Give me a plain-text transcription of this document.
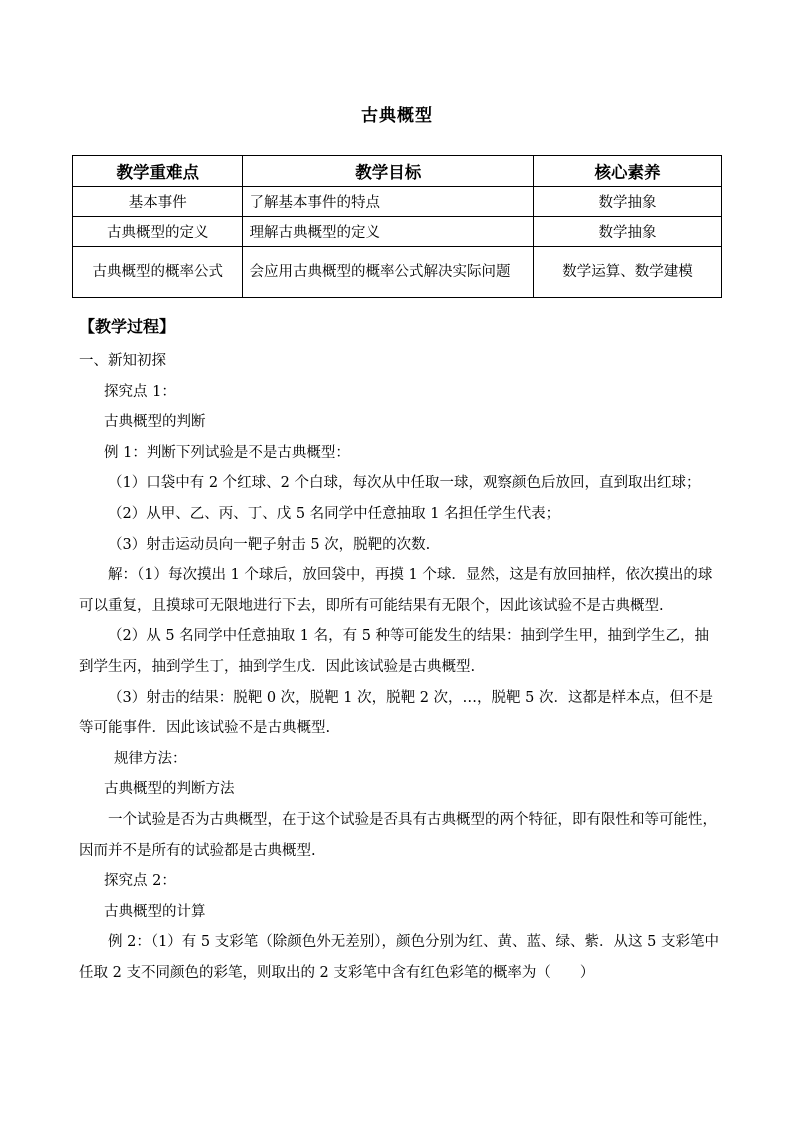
古典概型
教学重难点	教学目标	核心素养
基本事件	了解基本事件的特点	数学抽象
古典概型的定义	理解古典概型的定义	数学抽象
古典概型的概率公式	会应用古典概型的概率公式解决实际问题	数学运算、数学建模
【教学过程】

一、新知初探

探究点 1：

古典概型的判断

例 1：判断下列试验是不是古典概型：

（1）口袋中有 2 个红球、2 个白球，每次从中任取一球，观察颜色后放回，直到取出红球；

（2）从甲、乙、丙、丁、戊 5 名同学中任意抽取 1 名担任学生代表；

（3）射击运动员向一靶子射击 5 次，脱靶的次数.

解：（1）每次摸出 1 个球后，放回袋中，再摸 1 个球．显然，这是有放回抽样，依次摸出的球可以重复，且摸球可无限地进行下去，即所有可能结果有无限个，因此该试验不是古典概型.

（2）从 5 名同学中任意抽取 1 名，有 5 种等可能发生的结果：抽到学生甲，抽到学生乙，抽到学生丙，抽到学生丁，抽到学生戊．因此该试验是古典概型.

（3）射击的结果：脱靶 0 次，脱靶 1 次，脱靶 2 次，…，脱靶 5 次．这都是样本点，但不是等可能事件．因此该试验不是古典概型.

规律方法：

古典概型的判断方法

一个试验是否为古典概型，在于这个试验是否具有古典概型的两个特征，即有限性和等可能性，因而并不是所有的试验都是古典概型.

探究点 2：

古典概型的计算

例 2：（1）有 5 支彩笔（除颜色外无差别），颜色分别为红、黄、蓝、绿、紫．从这 5 支彩笔中任取 2 支不同颜色的彩笔，则取出的 2 支彩笔中含有红色彩笔的概率为（　　）
